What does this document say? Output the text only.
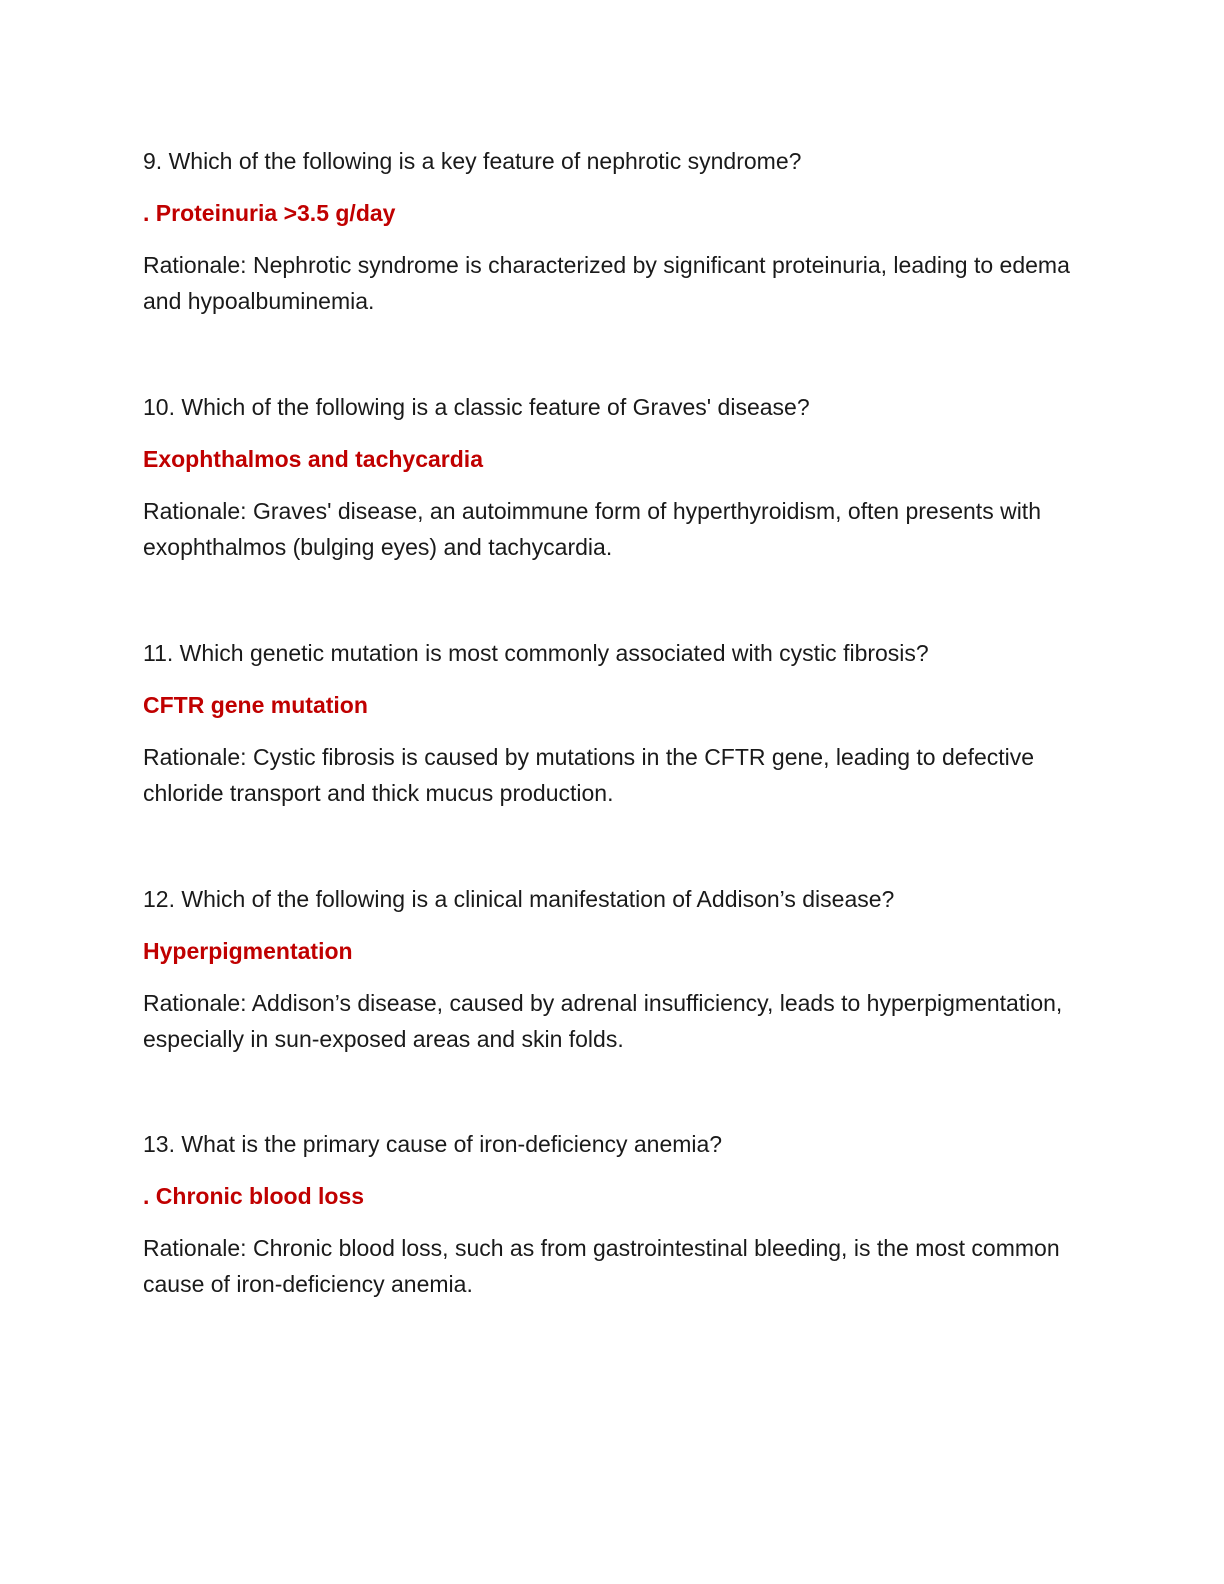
9. Which of the following is a key feature of nephrotic syndrome?

. Proteinuria >3.5 g/day

Rationale: Nephrotic syndrome is characterized by significant proteinuria, leading to edema and hypoalbuminemia.

10. Which of the following is a classic feature of Graves' disease?

Exophthalmos and tachycardia

Rationale: Graves' disease, an autoimmune form of hyperthyroidism, often presents with exophthalmos (bulging eyes) and tachycardia.

11. Which genetic mutation is most commonly associated with cystic fibrosis?

CFTR gene mutation

Rationale: Cystic fibrosis is caused by mutations in the CFTR gene, leading to defective chloride transport and thick mucus production.

12. Which of the following is a clinical manifestation of Addison’s disease?

Hyperpigmentation

Rationale: Addison’s disease, caused by adrenal insufficiency, leads to hyperpigmentation, especially in sun-exposed areas and skin folds.

13. What is the primary cause of iron-deficiency anemia?

. Chronic blood loss

Rationale: Chronic blood loss, such as from gastrointestinal bleeding, is the most common cause of iron-deficiency anemia.
